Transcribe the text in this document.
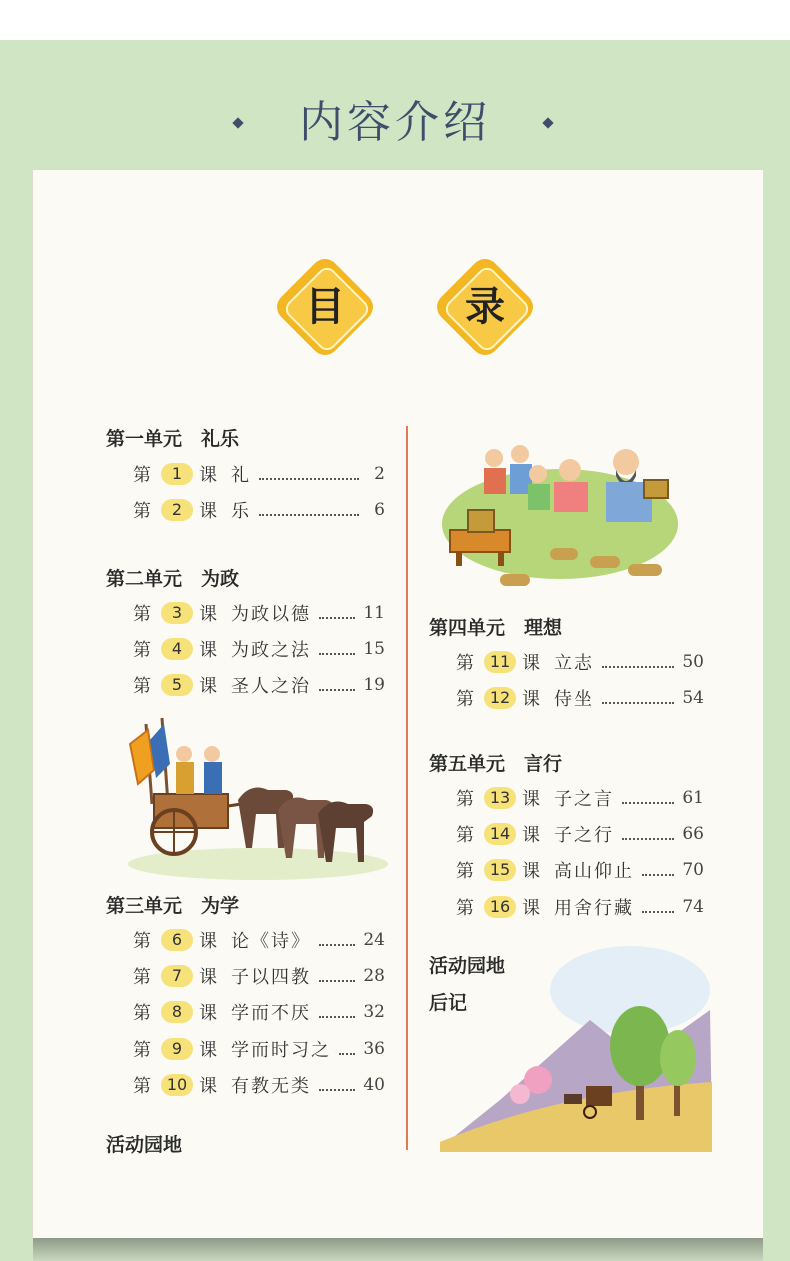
内容介绍
目	录
第一单元　礼乐
第	1 课 礼	2
第	2 课 乐	6
第二单元　为政
第	3 课 为政以德	11
第	4 课 为政之法	15
第	5 课 圣人之治	19
第三单元　为学
第	6 课 论《诗》	24
第	7 课 子以四教	28
第	8 课 学而不厌	32
第	9 课 学而时习之 36
第 10 课 有教无类	40
活动园地
第四单元　理想
第 11 课 立志	50
第 12 课 侍坐	54
第五单元　言行
第 13 课 子之言	61
第 14 课 子之行	66
第 15 课 高山仰止	70
第 16 课 用舍行藏	74
活动园地
后记
